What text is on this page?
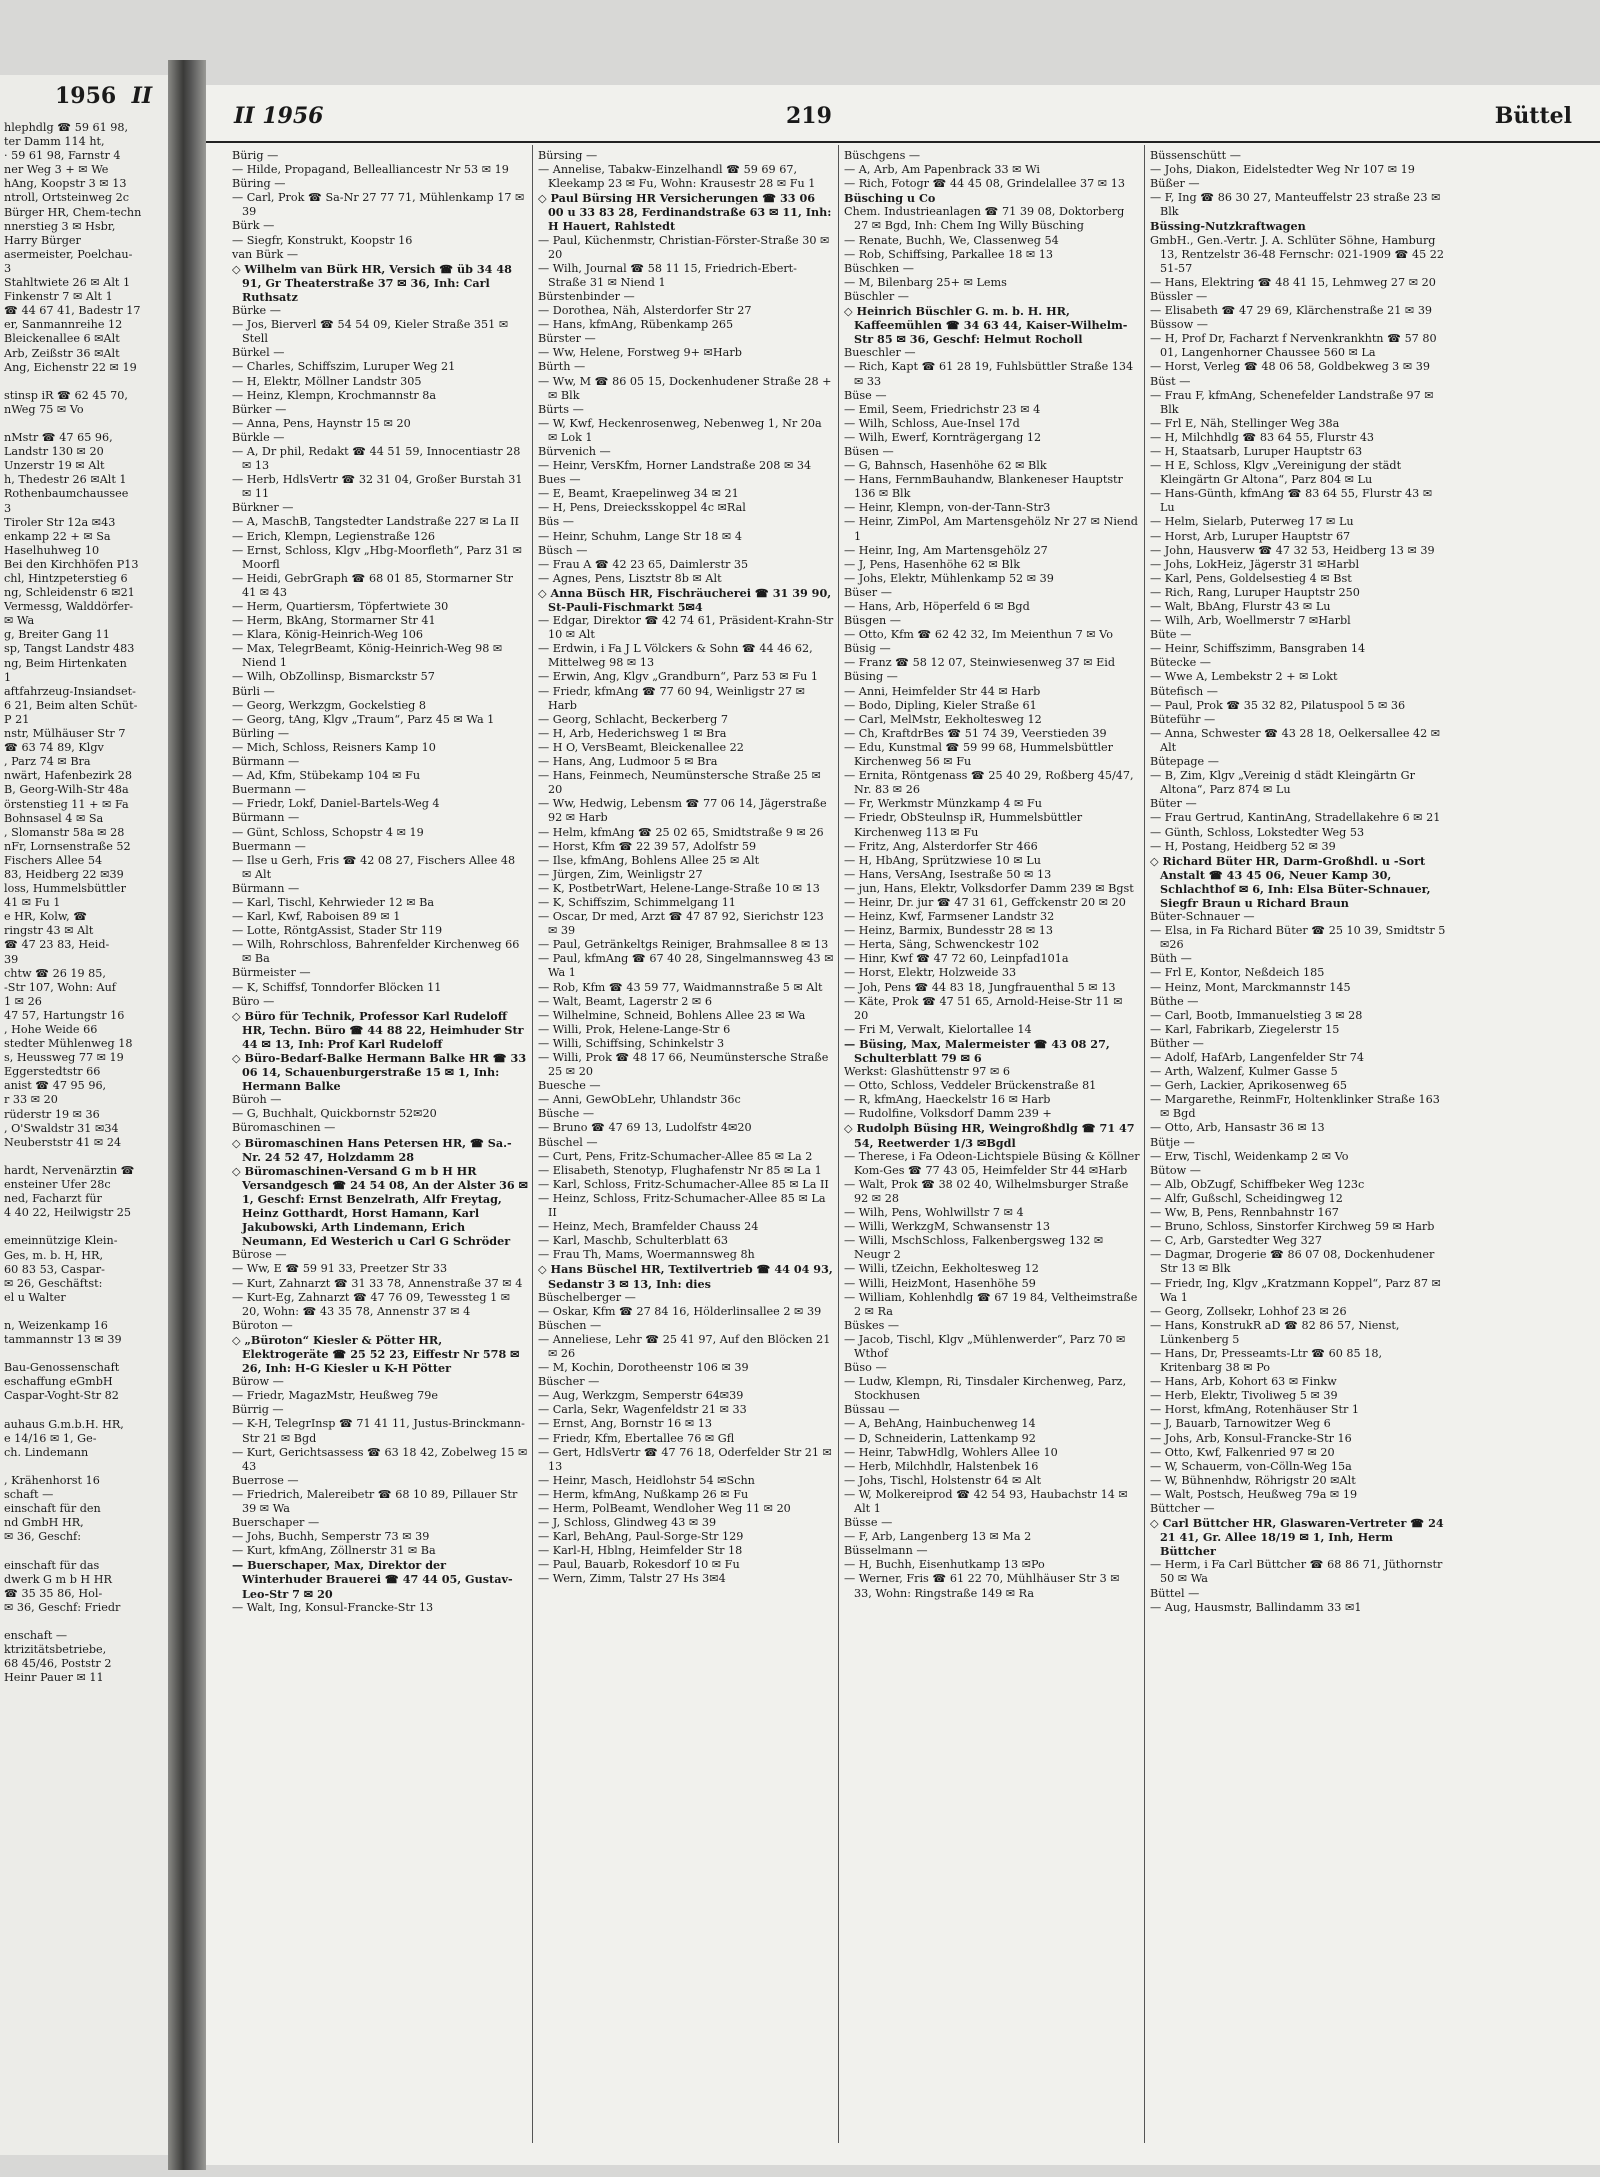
1956 II
hlephdlg ☎ 59 61 98,
ter Damm 114 ht,
· 59 61 98, Farnstr 4
ner Weg 3 + ✉ We
hAng, Koopstr 3 ✉ 13
ntroll, Ortsteinweg 2c
Bürger HR, Chem-techn
nnerstieg 3 ✉ Hsbr,
Harry Bürger
asermeister, Poelchau-
3
Stahltwiete 26 ✉ Alt 1
Finkenstr 7 ✉ Alt 1
☎ 44 67 41, Badestr 17
er, Sanmannreihe 12
Bleickenallee 6 ✉Alt
Arb, Zeißstr 36 ✉Alt
Ang, Eichenstr 22 ✉ 19

stinsp iR ☎ 62 45 70,
nWeg 75 ✉ Vo

nMstr ☎ 47 65 96,
Landstr 130 ✉ 20
Unzerstr 19 ✉ Alt
h, Thedestr 26 ✉Alt 1
Rothenbaumchaussee
3
Tiroler Str 12a ✉43
enkamp 22 + ✉ Sa
Haselhuhweg 10
Bei den Kirchhöfen P13
chl, Hintzpeterstieg 6
ng, Schleidenstr 6 ✉21
Vermessg, Walddörfer-
✉ Wa
g, Breiter Gang 11
sp, Tangst Landstr 483
ng, Beim Hirtenkaten
1
aftfahrzeug-Insiandset-
6 21, Beim alten Schüt-
P 21
nstr, Mülhäuser Str 7
☎ 63 74 89, Klgv
, Parz 74 ✉ Bra
nwärt, Hafenbezirk 28
B, Georg-Wilh-Str 48a
örstenstieg 11 + ✉ Fa
Bohnsasel 4 ✉ Sa
, Slomanstr 58a ✉ 28
nFr, Lornsenstraße 52
Fischers Allee 54
83, Heidberg 22 ✉39
loss, Hummelsbüttler
41 ✉ Fu 1
e HR, Kolw, ☎
ringstr 43 ✉ Alt
☎ 47 23 83, Heid-
39
chtw ☎ 26 19 85,
-Str 107, Wohn: Auf
1 ✉ 26
47 57, Hartungstr 16
, Hohe Weide 66
stedter Mühlenweg 18
s, Heussweg 77 ✉ 19
Eggerstedtstr 66
anist ☎ 47 95 96,
r 33 ✉ 20
rüderstr 19 ✉ 36
, O'Swaldstr 31 ✉34
Neuberststr 41 ✉ 24

hardt, Nervenärztin ☎
ensteiner Ufer 28c
ned, Facharzt für
4 40 22, Heilwigstr 25

emeinnützige Klein-
Ges, m. b. H, HR,
60 83 53, Caspar-
✉ 26, Geschäftst:
el u Walter

n, Weizenkamp 16
tammannstr 13 ✉ 39

Bau-Genossenschaft
eschaffung eGmbH
Caspar-Voght-Str 82

auhaus G.m.b.H. HR,
e 14/16 ✉ 1, Ge-
ch. Lindemann

, Krähenhorst 16
schaft —
einschaft für den
nd GmbH HR,
✉ 36, Geschf:

einschaft für das
dwerk G m b H HR
☎ 35 35 86, Hol-
✉ 36, Geschf: Friedr

enschaft —
ktrizitätsbetriebe,
68 45/46, Poststr 2
Heinr Pauer ✉ 11
II 1956	219	Büttel
Bürig —
— Hilde, Propagand, Bellealliancestr Nr 53 ✉ 19
Büring —
— Carl, Prok ☎ Sa-Nr 27 77 71, Mühlenkamp 17 ✉ 39
Bürk —
— Siegfr, Konstrukt, Koopstr 16
van Bürk —
◇ Wilhelm van Bürk HR, Versich ☎ üb 34 48 91, Gr Theaterstraße 37 ✉ 36, Inh: Carl Ruthsatz
Bürke —
— Jos, Bierverl ☎ 54 54 09, Kieler Straße 351 ✉ Stell
Bürkel —
— Charles, Schiffszim, Luruper Weg 21
— H, Elektr, Möllner Landstr 305
— Heinz, Klempn, Krochmannstr 8a
Bürker —
— Anna, Pens, Haynstr 15 ✉ 20
Bürkle —
— A, Dr phil, Redakt ☎ 44 51 59, Innocentiastr 28 ✉ 13
— Herb, HdlsVertr ☎ 32 31 04, Großer Burstah 31 ✉ 11
Bürkner —
— A, MaschB, Tangstedter Landstraße 227 ✉ La II
— Erich, Klempn, Legienstraße 126
— Ernst, Schloss, Klgv „Hbg-Moorfleth“, Parz 31 ✉ Moorfl
— Heidi, GebrGraph ☎ 68 01 85, Stormarner Str 41 ✉ 43
— Herm, Quartiersm, Töpfertwiete 30
— Herm, BkAng, Stormarner Str 41
— Klara, König-Heinrich-Weg 106
— Max, TelegrBeamt, König-Heinrich-Weg 98 ✉ Niend 1
— Wilh, ObZollinsp, Bismarckstr 57
Bürli —
— Georg, Werkzgm, Gockelstieg 8
— Georg, tAng, Klgv „Traum“, Parz 45 ✉ Wa 1
Bürling —
— Mich, Schloss, Reisners Kamp 10
Bürmann —
— Ad, Kfm, Stübekamp 104 ✉ Fu
Buermann —
— Friedr, Lokf, Daniel-Bartels-Weg 4
Bürmann —
— Günt, Schloss, Schopstr 4 ✉ 19
Buermann —
— Ilse u Gerh, Fris ☎ 42 08 27, Fischers Allee 48 ✉ Alt
Bürmann —
— Karl, Tischl, Kehrwieder 12 ✉ Ba
— Karl, Kwf, Raboisen 89 ✉ 1
— Lotte, RöntgAssist, Stader Str 119
— Wilh, Rohrschloss, Bahrenfelder Kirchenweg 66 ✉ Ba
Bürmeister —
— K, Schiffsf, Tonndorfer Blöcken 11
Büro —
◇ Büro für Technik, Professor Karl Rudeloff HR, Techn. Büro ☎ 44 88 22, Heimhuder Str 44 ✉ 13, Inh: Prof Karl Rudeloff
◇ Büro-Bedarf-Balke Hermann Balke HR ☎ 33 06 14, Schauenburgerstraße 15 ✉ 1, Inh: Hermann Balke
Büroh —
— G, Buchhalt, Quickbornstr 52✉20
Büromaschinen —
◇ Büromaschinen Hans Petersen HR, ☎ Sa.-Nr. 24 52 47, Holzdamm 28
◇ Büromaschinen-Versand G m b H HR Versandgesch ☎ 24 54 08, An der Alster 36 ✉ 1, Geschf: Ernst Benzelrath, Alfr Freytag, Heinz Gotthardt, Horst Hamann, Karl Jakubowski, Arth Lindemann, Erich Neumann, Ed Westerich u Carl G Schröder
Bürose —
— Ww, E ☎ 59 91 33, Preetzer Str 33
— Kurt, Zahnarzt ☎ 31 33 78, Annenstraße 37 ✉ 4
— Kurt-Eg, Zahnarzt ☎ 47 76 09, Tewessteg 1 ✉ 20, Wohn: ☎ 43 35 78, Annenstr 37 ✉ 4
Büroton —
◇ „Büroton“ Kiesler & Pötter HR, Elektrogeräte ☎ 25 52 23, Eiffestr Nr 578 ✉ 26, Inh: H-G Kiesler u K-H Pötter
Bürow —
— Friedr, MagazMstr, Heußweg 79e
Bürrig —
— K-H, TelegrInsp ☎ 71 41 11, Justus-Brinckmann-Str 21 ✉ Bgd
— Kurt, Gerichtsassess ☎ 63 18 42, Zobelweg 15 ✉ 43
Buerrose —
— Friedrich, Malereibetr ☎ 68 10 89, Pillauer Str 39 ✉ Wa
Buerschaper —
— Johs, Buchh, Semperstr 73 ✉ 39
— Kurt, kfmAng, Zöllnerstr 31 ✉ Ba
— Buerschaper, Max, Direktor der Winterhuder Brauerei ☎ 47 44 05, Gustav-Leo-Str 7 ✉ 20
— Walt, Ing, Konsul-Francke-Str 13
Bürsing —
— Annelise, Tabakw-Einzelhandl ☎ 59 69 67, Kleekamp 23 ✉ Fu, Wohn: Krausestr 28 ✉ Fu 1
◇ Paul Bürsing HR Versicherungen ☎ 33 06 00 u 33 83 28, Ferdinandstraße 63 ✉ 11, Inh: H Hauert, Rahlstedt
— Paul, Küchenmstr, Christian-Förster-Straße 30 ✉ 20
— Wilh, Journal ☎ 58 11 15, Friedrich-Ebert-Straße 31 ✉ Niend 1
Bürstenbinder —
— Dorothea, Näh, Alsterdorfer Str 27
— Hans, kfmAng, Rübenkamp 265
Bürster —
— Ww, Helene, Forstweg 9+ ✉Harb
Bürth —
— Ww, M ☎ 86 05 15, Dockenhudener Straße 28 + ✉ Blk
Bürts —
— W, Kwf, Heckenrosenweg, Nebenweg 1, Nr 20a ✉ Lok 1
Bürvenich —
— Heinr, VersKfm, Horner Landstraße 208 ✉ 34
Bues —
— E, Beamt, Kraepelinweg 34 ✉ 21
— H, Pens, Dreiecksskoppel 4c ✉Ral
Büs —
— Heinr, Schuhm, Lange Str 18 ✉ 4
Büsch —
— Frau A ☎ 42 23 65, Daimlerstr 35
— Agnes, Pens, Lisztstr 8b ✉ Alt
◇ Anna Büsch HR, Fischräucherei ☎ 31 39 90, St-Pauli-Fischmarkt 5✉4
— Edgar, Direktor ☎ 42 74 61, Präsident-Krahn-Str 10 ✉ Alt
— Erdwin, i Fa J L Völckers & Sohn ☎ 44 46 62, Mittelweg 98 ✉ 13
— Erwin, Ang, Klgv „Grandburn“, Parz 53 ✉ Fu 1
— Friedr, kfmAng ☎ 77 60 94, Weinligstr 27 ✉ Harb
— Georg, Schlacht, Beckerberg 7
— H, Arb, Hederichsweg 1 ✉ Bra
— H O, VersBeamt, Bleickenallee 22
— Hans, Ang, Ludmoor 5 ✉ Bra
— Hans, Feinmech, Neumünstersche Straße 25 ✉ 20
— Ww, Hedwig, Lebensm ☎ 77 06 14, Jägerstraße 92 ✉ Harb
— Helm, kfmAng ☎ 25 02 65, Smidtstraße 9 ✉ 26
— Horst, Kfm ☎ 22 39 57, Adolfstr 59
— Ilse, kfmAng, Bohlens Allee 25 ✉ Alt
— Jürgen, Zim, Weinligstr 27
— K, PostbetrWart, Helene-Lange-Straße 10 ✉ 13
— K, Schiffszim, Schimmelgang 11
— Oscar, Dr med, Arzt ☎ 47 87 92, Sierichstr 123 ✉ 39
— Paul, Getränkeltgs Reiniger, Brahmsallee 8 ✉ 13
— Paul, kfmAng ☎ 67 40 28, Singelmannsweg 43 ✉ Wa 1
— Rob, Kfm ☎ 43 59 77, Waidmannstraße 5 ✉ Alt
— Walt, Beamt, Lagerstr 2 ✉ 6
— Wilhelmine, Schneid, Bohlens Allee 23 ✉ Wa
— Willi, Prok, Helene-Lange-Str 6
— Willi, Schiffsing, Schinkelstr 3
— Willi, Prok ☎ 48 17 66, Neumünstersche Straße 25 ✉ 20
Buesche —
— Anni, GewObLehr, Uhlandstr 36c
Büsche —
— Bruno ☎ 47 69 13, Ludolfstr 4✉20
Büschel —
— Curt, Pens, Fritz-Schumacher-Allee 85 ✉ La 2
— Elisabeth, Stenotyp, Flughafenstr Nr 85 ✉ La 1
— Karl, Schloss, Fritz-Schumacher-Allee 85 ✉ La II
— Heinz, Schloss, Fritz-Schumacher-Allee 85 ✉ La II
— Heinz, Mech, Bramfelder Chauss 24
— Karl, Maschb, Schulterblatt 63
— Frau Th, Mams, Woermannsweg 8h
◇ Hans Büschel HR, Textilvertrieb ☎ 44 04 93, Sedanstr 3 ✉ 13, Inh: dies
Büschelberger —
— Oskar, Kfm ☎ 27 84 16, Hölderlinsallee 2 ✉ 39
Büschen —
— Anneliese, Lehr ☎ 25 41 97, Auf den Blöcken 21 ✉ 26
— M, Kochin, Dorotheenstr 106 ✉ 39
Büscher —
— Aug, Werkzgm, Semperstr 64✉39
— Carla, Sekr, Wagenfeldstr 21 ✉ 33
— Ernst, Ang, Bornstr 16 ✉ 13
— Friedr, Kfm, Ebertallee 76 ✉ Gfl
— Gert, HdlsVertr ☎ 47 76 18, Oderfelder Str 21 ✉ 13
— Heinr, Masch, Heidlohstr 54 ✉Schn
— Herm, kfmAng, Nußkamp 26 ✉ Fu
— Herm, PolBeamt, Wendloher Weg 11 ✉ 20
— J, Schloss, Glindweg 43 ✉ 39
— Karl, BehAng, Paul-Sorge-Str 129
— Karl-H, Hblng, Heimfelder Str 18
— Paul, Bauarb, Rokesdorf 10 ✉ Fu
— Wern, Zimm, Talstr 27 Hs 3✉4
Büschgens —
— A, Arb, Am Papenbrack 33 ✉ Wi
— Rich, Fotogr ☎ 44 45 08, Grindelallee 37 ✉ 13
Büsching u Co
Chem. Industrieanlagen ☎ 71 39 08, Doktorberg 27 ✉ Bgd, Inh: Chem Ing Willy Büsching
— Renate, Buchh, We, Classenweg 54
— Rob, Schiffsing, Parkallee 18 ✉ 13
Büschken —
— M, Bilenbarg 25+ ✉ Lems
Büschler —
◇ Heinrich Büschler G. m. b. H. HR, Kaffeemühlen ☎ 34 63 44, Kaiser-Wilhelm-Str 85 ✉ 36, Geschf: Helmut Rocholl
Bueschler —
— Rich, Kapt ☎ 61 28 19, Fuhlsbüttler Straße 134 ✉ 33
Büse —
— Emil, Seem, Friedrichstr 23 ✉ 4
— Wilh, Schloss, Aue-Insel 17d
— Wilh, Ewerf, Kornträgergang 12
Büsen —
— G, Bahnsch, Hasenhöhe 62 ✉ Blk
— Hans, FernmBauhandw, Blankeneser Hauptstr 136 ✉ Blk
— Heinr, Klempn, von-der-Tann-Str3
— Heinr, ZimPol, Am Martensgehölz Nr 27 ✉ Niend 1
— Heinr, Ing, Am Martensgehölz 27
— J, Pens, Hasenhöhe 62 ✉ Blk
— Johs, Elektr, Mühlenkamp 52 ✉ 39
Büser —
— Hans, Arb, Höperfeld 6 ✉ Bgd
Büsgen —
— Otto, Kfm ☎ 62 42 32, Im Meienthun 7 ✉ Vo
Büsig —
— Franz ☎ 58 12 07, Steinwiesenweg 37 ✉ Eid
Büsing —
— Anni, Heimfelder Str 44 ✉ Harb
— Bodo, Dipling, Kieler Straße 61
— Carl, MelMstr, Eekholtesweg 12
— Ch, KraftdrBes ☎ 51 74 39, Veerstieden 39
— Edu, Kunstmal ☎ 59 99 68, Hummelsbüttler Kirchenweg 56 ✉ Fu
— Ernita, Röntgenass ☎ 25 40 29, Roßberg 45/47, Nr. 83 ✉ 26
— Fr, Werkmstr Münzkamp 4 ✉ Fu
— Friedr, ObSteulnsp iR, Hummelsbüttler Kirchenweg 113 ✉ Fu
— Fritz, Ang, Alsterdorfer Str 466
— H, HbAng, Sprützwiese 10 ✉ Lu
— Hans, VersAng, Isestraße 50 ✉ 13
— jun, Hans, Elektr, Volksdorfer Damm 239 ✉ Bgst
— Heinr, Dr. jur ☎ 47 31 61, Geffckenstr 20 ✉ 20
— Heinz, Kwf, Farmsener Landstr 32
— Heinz, Barmix, Bundesstr 28 ✉ 13
— Herta, Säng, Schwenckestr 102
— Hinr, Kwf ☎ 47 72 60, Leinpfad101a
— Horst, Elektr, Holzweide 33
— Joh, Pens ☎ 44 83 18, Jungfrauenthal 5 ✉ 13
— Käte, Prok ☎ 47 51 65, Arnold-Heise-Str 11 ✉ 20
— Fri M, Verwalt, Kielortallee 14
— Büsing, Max, Malermeister ☎ 43 08 27, Schulterblatt 79 ✉ 6
Werkst: Glashüttenstr 97 ✉ 6
— Otto, Schloss, Veddeler Brückenstraße 81
— R, kfmAng, Haeckelstr 16 ✉ Harb
— Rudolfine, Volksdorf Damm 239 +
◇ Rudolph Büsing HR, Weingroßhdlg ☎ 71 47 54, Reetwerder 1/3 ✉Bgdl
— Therese, i Fa Odeon-Lichtspiele Büsing & Köllner Kom-Ges ☎ 77 43 05, Heimfelder Str 44 ✉Harb
— Walt, Prok ☎ 38 02 40, Wilhelmsburger Straße 92 ✉ 28
— Wilh, Pens, Wohlwillstr 7 ✉ 4
— Willi, WerkzgM, Schwansenstr 13
— Willi, MschSchloss, Falkenbergsweg 132 ✉ Neugr 2
— Willi, tZeichn, Eekholtesweg 12
— Willi, HeizMont, Hasenhöhe 59
— William, Kohlenhdlg ☎ 67 19 84, Veltheimstraße 2 ✉ Ra
Büskes —
— Jacob, Tischl, Klgv „Mühlenwerder“, Parz 70 ✉ Wthof
Büso —
— Ludw, Klempn, Ri, Tinsdaler Kirchenweg, Parz, Stockhusen
Büssau —
— A, BehAng, Hainbuchenweg 14
— D, Schneiderin, Lattenkamp 92
— Heinr, TabwHdlg, Wohlers Allee 10
— Herb, Milchhdlr, Halstenbek 16
— Johs, Tischl, Holstenstr 64 ✉ Alt
— W, Molkereiprod ☎ 42 54 93, Haubachstr 14 ✉ Alt 1
Büsse —
— F, Arb, Langenberg 13 ✉ Ma 2
Büsselmann —
— H, Buchh, Eisenhutkamp 13 ✉Po
— Werner, Fris ☎ 61 22 70, Mühlhäuser Str 3 ✉ 33, Wohn: Ringstraße 149 ✉ Ra
Büssenschütt —
— Johs, Diakon, Eidelstedter Weg Nr 107 ✉ 19
Büßer —
— F, Ing ☎ 86 30 27, Manteuffelstr 23 straße 23 ✉ Blk
Büssing-Nutzkraftwagen
GmbH., Gen.-Vertr. J. A. Schlüter Söhne, Hamburg 13, Rentzelstr 36-48 Fernschr: 021-1909 ☎ 45 22 51-57
— Hans, Elektring ☎ 48 41 15, Lehmweg 27 ✉ 20
Büssler —
— Elisabeth ☎ 47 29 69, Klärchenstraße 21 ✉ 39
Büssow —
— H, Prof Dr, Facharzt f Nervenkrankhtn ☎ 57 80 01, Langenhorner Chaussee 560 ✉ La
— Horst, Verleg ☎ 48 06 58, Goldbekweg 3 ✉ 39
Büst —
— Frau F, kfmAng, Schenefelder Landstraße 97 ✉ Blk
— Frl E, Näh, Stellinger Weg 38a
— H, Milchhdlg ☎ 83 64 55, Flurstr 43
— H, Staatsarb, Luruper Hauptstr 63
— H E, Schloss, Klgv „Vereinigung der städt Kleingärtn Gr Altona“, Parz 804 ✉ Lu
— Hans-Günth, kfmAng ☎ 83 64 55, Flurstr 43 ✉ Lu
— Helm, Sielarb, Puterweg 17 ✉ Lu
— Horst, Arb, Luruper Hauptstr 67
— John, Hausverw ☎ 47 32 53, Heidberg 13 ✉ 39
— Johs, LokHeiz, Jägerstr 31 ✉Harbl
— Karl, Pens, Goldelsestieg 4 ✉ Bst
— Rich, Rang, Luruper Hauptstr 250
— Walt, BbAng, Flurstr 43 ✉ Lu
— Wilh, Arb, Woellmerstr 7 ✉Harbl
Büte —
— Heinr, Schiffszimm, Bansgraben 14
Bütecke —
— Wwe A, Lembekstr 2 + ✉ Lokt
Bütefisch —
— Paul, Prok ☎ 35 32 82, Pilatuspool 5 ✉ 36
Büteführ —
— Anna, Schwester ☎ 43 28 18, Oelkersallee 42 ✉ Alt
Bütepage —
— B, Zim, Klgv „Vereinig d städt Kleingärtn Gr Altona“, Parz 874 ✉ Lu
Büter —
— Frau Gertrud, KantinAng, Stradellakehre 6 ✉ 21
— Günth, Schloss, Lokstedter Weg 53
— H, Postang, Heidberg 52 ✉ 39
◇ Richard Büter HR, Darm-Großhdl. u -Sort Anstalt ☎ 43 45 06, Neuer Kamp 30, Schlachthof ✉ 6, Inh: Elsa Büter-Schnauer, Siegfr Braun u Richard Braun
Büter-Schnauer —
— Elsa, in Fa Richard Büter ☎ 25 10 39, Smidtstr 5 ✉26
Büth —
— Frl E, Kontor, Neßdeich 185
— Heinz, Mont, Marckmannstr 145
Büthe —
— Carl, Bootb, Immanuelstieg 3 ✉ 28
— Karl, Fabrikarb, Ziegelerstr 15
Büther —
— Adolf, HafArb, Langenfelder Str 74
— Arth, Walzenf, Kulmer Gasse 5
— Gerh, Lackier, Aprikosenweg 65
— Margarethe, ReinmFr, Holtenklinker Straße 163 ✉ Bgd
— Otto, Arb, Hansastr 36 ✉ 13
Bütje —
— Erw, Tischl, Weidenkamp 2 ✉ Vo
Bütow —
— Alb, ObZugf, Schiffbeker Weg 123c
— Alfr, Gußschl, Scheidingweg 12
— Ww, B, Pens, Rennbahnstr 167
— Bruno, Schloss, Sinstorfer Kirchweg 59 ✉ Harb
— C, Arb, Garstedter Weg 327
— Dagmar, Drogerie ☎ 86 07 08, Dockenhudener Str 13 ✉ Blk
— Friedr, Ing, Klgv „Kratzmann Koppel“, Parz 87 ✉ Wa 1
— Georg, Zollsekr, Lohhof 23 ✉ 26
— Hans, KonstrukR aD ☎ 82 86 57, Nienst, Lünkenberg 5
— Hans, Dr, Presseamts-Ltr ☎ 60 85 18, Kritenbarg 38 ✉ Po
— Hans, Arb, Kohort 63 ✉ Finkw
— Herb, Elektr, Tivoliweg 5 ✉ 39
— Horst, kfmAng, Rotenhäuser Str 1
— J, Bauarb, Tarnowitzer Weg 6
— Johs, Arb, Konsul-Francke-Str 16
— Otto, Kwf, Falkenried 97 ✉ 20
— W, Schauerm, von-Cölln-Weg 15a
— W, Bühnenhdw, Röhrigstr 20 ✉Alt
— Walt, Postsch, Heußweg 79a ✉ 19
Büttcher —
◇ Carl Büttcher HR, Glaswaren-Vertreter ☎ 24 21 41, Gr. Allee 18/19 ✉ 1, Inh, Herm Büttcher
— Herm, i Fa Carl Büttcher ☎ 68 86 71, Jüthornstr 50 ✉ Wa
Büttel —
— Aug, Hausmstr, Ballindamm 33 ✉1
